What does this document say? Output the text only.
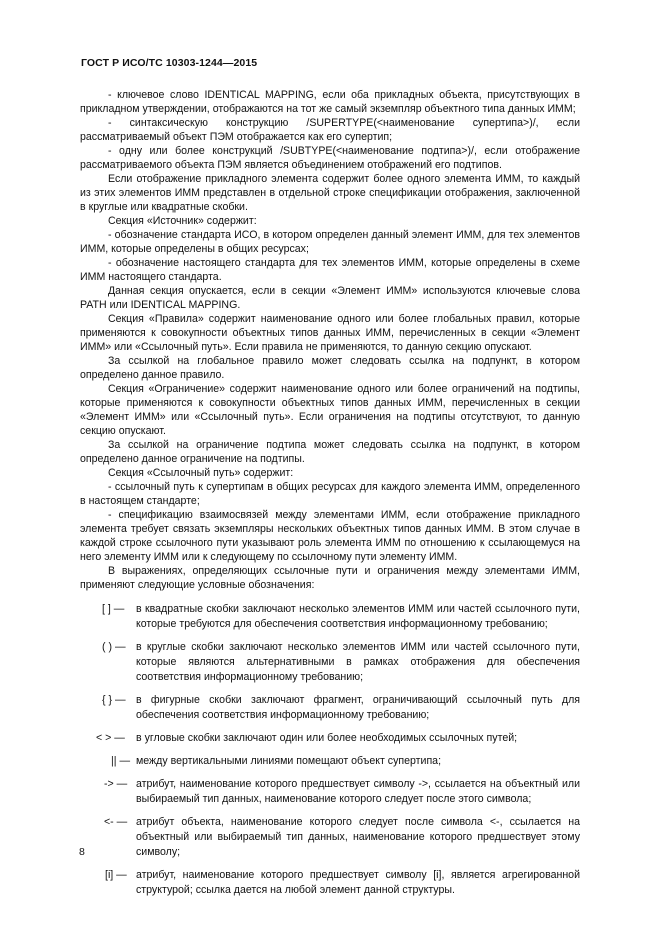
ГОСТ Р ИСО/ТС 10303-1244—2015

- ключевое слово IDENTICAL MAPPING, если оба прикладных объекта, присутствующих в прикладном утверждении, отображаются на тот же самый экземпляр объектного типа данных ИММ;

- синтаксическую конструкцию /SUPERTYPE(<наименование супертипа>)/, если рассматриваемый объект ПЭМ отображается как его супертип;

- одну или более конструкций /SUBTYPE(<наименование подтипа>)/, если отображение рассматриваемого объекта ПЭМ является объединением отображений его подтипов.

Если отображение прикладного элемента содержит более одного элемента ИММ, то каждый из этих элементов ИММ представлен в отдельной строке спецификации отображения, заключенной в круглые или квадратные скобки.

Секция «Источник» содержит:

- обозначение стандарта ИСО, в котором определен данный элемент ИММ, для тех элементов ИММ, которые определены в общих ресурсах;

- обозначение настоящего стандарта для тех элементов ИММ, которые определены в схеме ИММ настоящего стандарта.

Данная секция опускается, если в секции «Элемент ИММ» используются ключевые слова PATH или IDENTICAL MAPPING.

Секция «Правила» содержит наименование одного или более глобальных правил, которые применяются к совокупности объектных типов данных ИММ, перечисленных в секции «Элемент ИММ» или «Ссылочный путь». Если правила не применяются, то данную секцию опускают.

За ссылкой на глобальное правило может следовать ссылка на подпункт, в котором определено данное правило.

Секция «Ограничение» содержит наименование одного или более ограничений на подтипы, которые применяются к совокупности объектных типов данных ИММ, перечисленных в секции «Элемент ИММ» или «Ссылочный путь». Если ограничения на подтипы отсутствуют, то данную секцию опускают.

За ссылкой на ограничение подтипа может следовать ссылка на подпункт, в котором определено данное ограничение на подтипы.

Секция «Ссылочный путь» содержит:

- ссылочный путь к супертипам в общих ресурсах для каждого элемента ИММ, определенного в настоящем стандарте;

- спецификацию взаимосвязей между элементами ИММ, если отображение прикладного элемента требует связать экземпляры нескольких объектных типов данных ИММ. В этом случае в каждой строке ссылочного пути указывают роль элемента ИММ по отношению к ссылающемуся на него элементу ИММ или к следующему по ссылочному пути элементу ИММ.

В выражениях, определяющих ссылочные пути и ограничения между элементами ИММ, применяют следующие условные обозначения:

[ ] —	в квадратные скобки заключают несколько элементов ИММ или частей ссылочного пути, которые требуются для обеспечения соответствия информационному требованию;
( ) — в круглые скобки заключают несколько элементов ИММ или частей ссылочного пути, которые являются альтернативными в рамках отображения для обеспечения соответствия информационному требованию;
{ } — в фигурные скобки заключают фрагмент, ограничивающий ссылочный путь для обеспечения соответствия информационному требованию;
< > —	в угловые скобки заключают один или более необходимых ссылочных путей;
|| — между вертикальными линиями помещают объект супертипа;
-> — атрибут, наименование которого предшествует символу ->, ссылается на объектный или выбираемый тип данных, наименование которого следует после этого символа;
<- — атрибут объекта, наименование которого следует после символа <-, ссылается на объектный или выбираемый тип данных, наименование которого предшествует этому символу;
[i] — атрибут, наименование которого предшествует символу [i], является агрегированной структурой; ссылка дается на любой элемент данной структуры.
8
